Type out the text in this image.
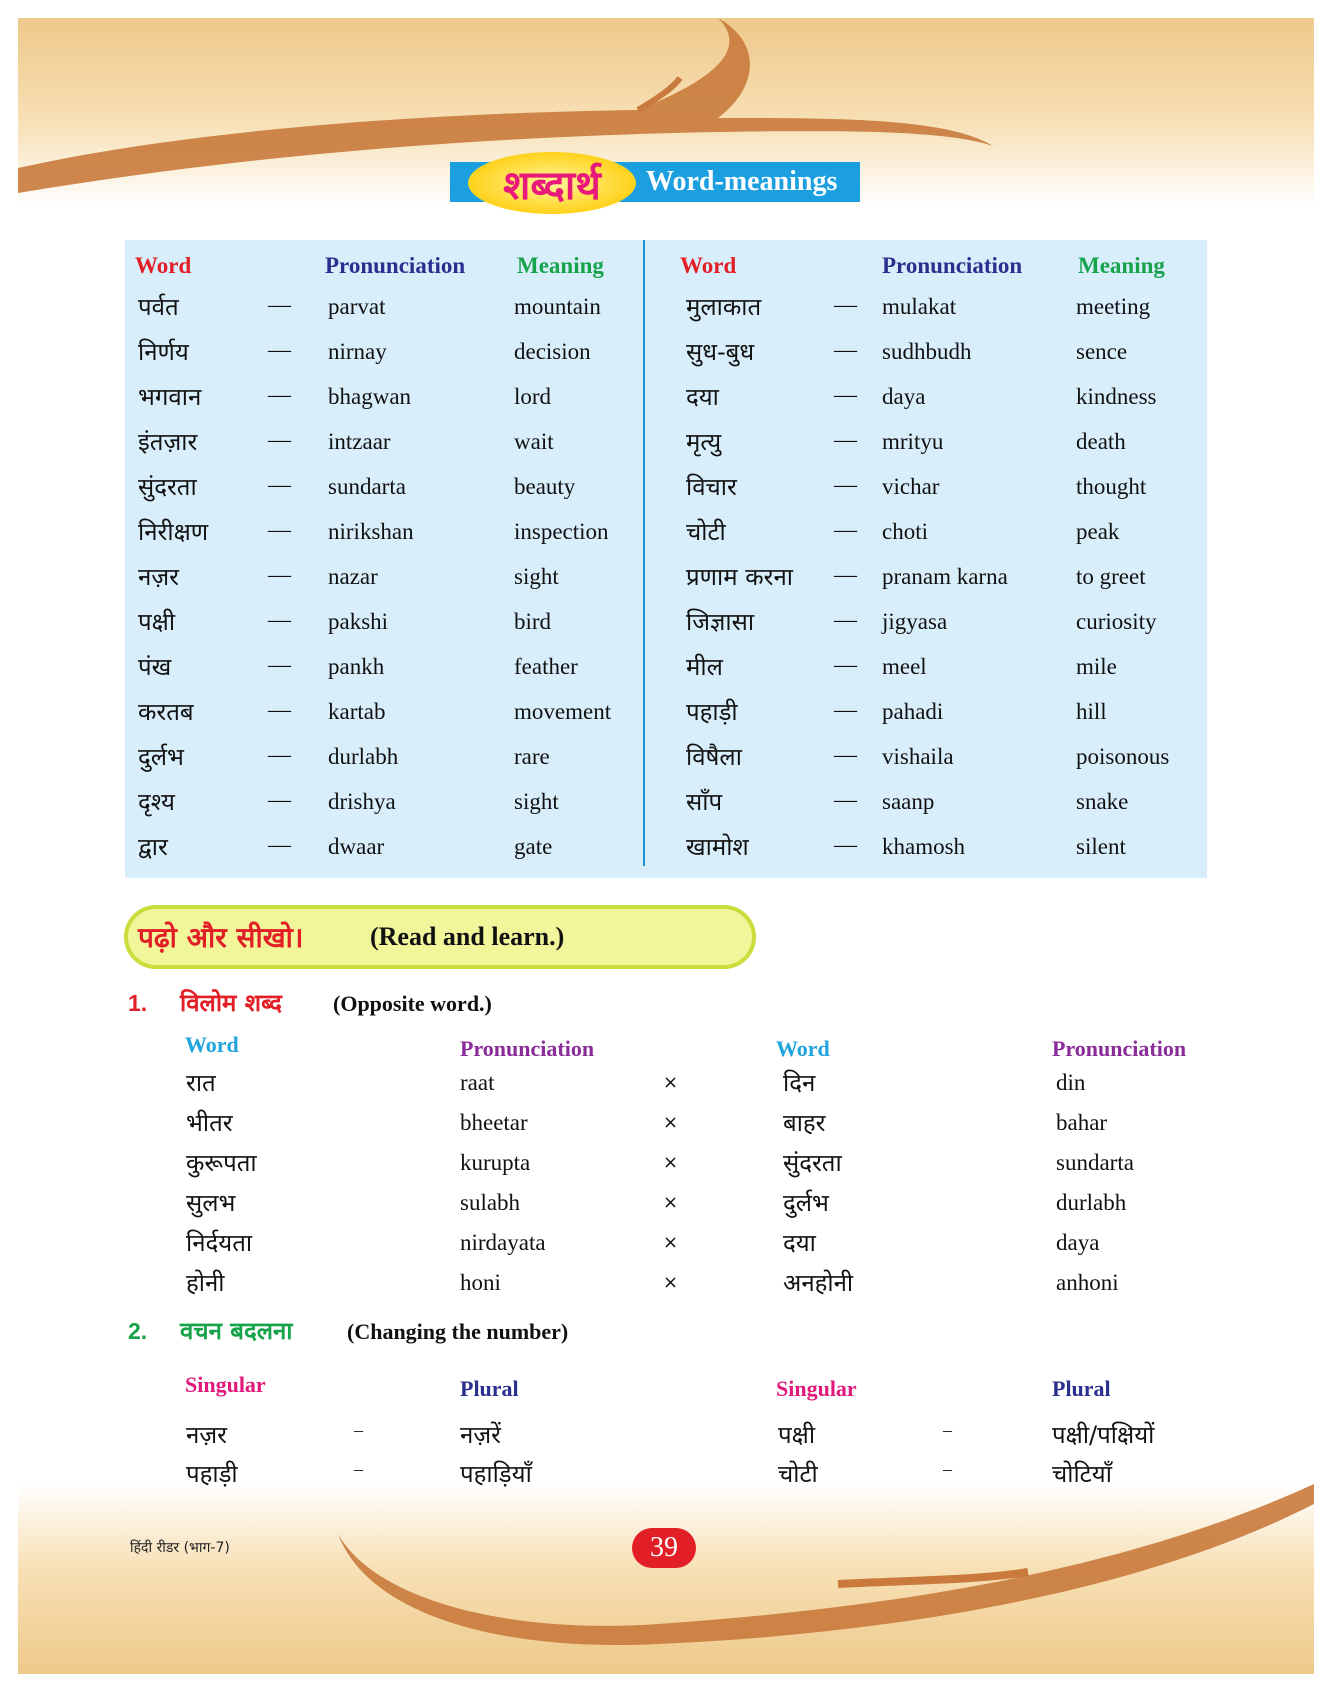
शब्दार्थ	Word-meanings
Word	Pronunciation Meaning	Word	Pronunciation Meaning
पर्वत	— parvat	mountain	मुलाकात	— mulakat	meeting
निर्णय	— nirnay	decision	सुध-बुध	— sudhbudh	sence
भगवान	— bhagwan	lord	दया	— daya	kindness
इंतज़ार	— intzaar	wait	मृत्यु	— mrityu	death
सुंदरता	— sundarta	beauty	विचार	— vichar	thought
निरीक्षण	— nirikshan	inspection	चोटी	— choti	peak
नज़र	— nazar	sight	प्रणाम करना — pranam karna	to greet
पक्षी	— pakshi	bird	जिज्ञासा	— jigyasa	curiosity
पंख	— pankh	feather	मील	— meel	mile
करतब	— kartab	movement	पहाड़ी	— pahadi	hill
दुर्लभ	— durlabh	rare	विषैला	— vishaila	poisonous
दृश्य	— drishya	sight	साँप	— saanp	snake
द्वार	— dwaar	gate	खामोश	— khamosh	silent
पढ़ो और सीखो।	(Read and learn.)
1. विलोम शब्द (Opposite word.)
Word	Pronunciation	Word	Pronunciation
रात	raat	×	दिन	din
भीतर	bheetar	×	बाहर	bahar
कुरूपता	kurupta	×	सुंदरता	sundarta
सुलभ	sulabh	×	दुर्लभ	durlabh
निर्दयता	nirdayata	×	दया	daya
होनी	honi	×	अनहोनी	anhoni
2. वचन बदलना (Changing the number)
Singular	Plural	Singular	Plural
नज़र	–	नज़रें	पक्षी	–	पक्षी/पक्षियों
पहाड़ी	–	पहाड़ियाँ	चोटी	–	चोटियाँ
हिंदी रीडर (भाग-7)	39
